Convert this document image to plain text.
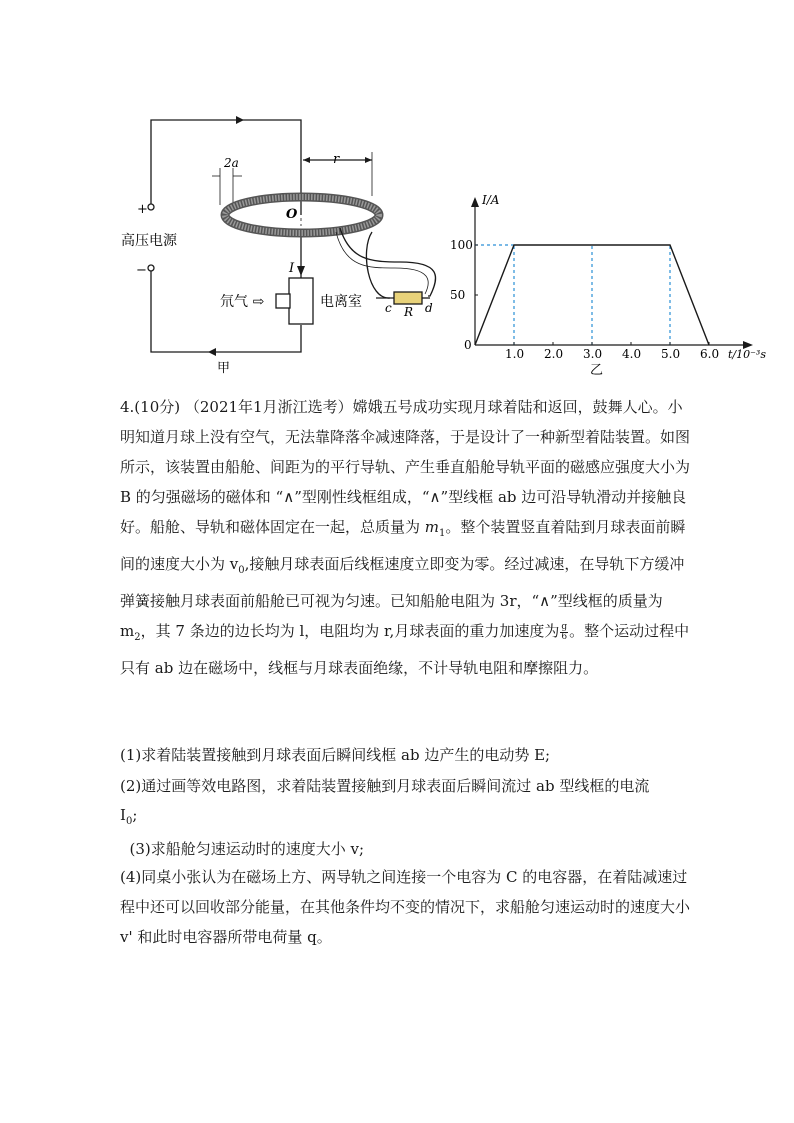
+
−
高压电源
2a	r
O
I
氘气 ⇨	电离室 c R d
甲
I/A
t/10⁻³s
0
乙
1.0 2.0 3.0 4.0 5.0 6.0
50
100
4.(10分) （2021年1月浙江选考）嫦娥五号成功实现月球着陆和返回，鼓舞人心。小明知道月球上没有空气，无法靠降落伞减速降落，于是设计了一种新型着陆装置。如图所示，该装置由船舱、间距为的平行导轨、产生垂直船舱导轨平面的磁感应强度大小为 B 的匀强磁场的磁体和 “∧”型刚性线框组成，“∧”型线框 ab 边可沿导轨滑动并接触良好。船舱、导轨和磁体固定在一起，总质量为 $m_1$。整个装置竖直着陆到月球表面前瞬间的速度大小为 $v_0$,接触月球表面后线框速度立即变为零。经过减速，在导轨下方缓冲弹簧接触月球表面前船舱已可视为匀速。已知船舱电阻为 3r，“∧”型线框的质量为 $m_2$，其 7 条边的边长均为 l，电阻均为 r,月球表面的重力加速度为 $\frac{g}{6}$ 。整个运动过程中只有 ab 边在磁场中，线框与月球表面绝缘，不计导轨电阻和摩擦阻力。
(1)求着陆装置接触到月球表面后瞬间线框 ab 边产生的电动势 E;
(2)通过画等效电路图，求着陆装置接触到月球表面后瞬间流过 ab 型线框的电流
$I_0$;
(3)求船舱匀速运动时的速度大小 v;
(4)同桌小张认为在磁场上方、两导轨之间连接一个电容为 C 的电容器，在着陆减速过程中还可以回收部分能量，在其他条件均不变的情况下，求船舱匀速运动时的速度大小 v' 和此时电容器所带电荷量 q。
